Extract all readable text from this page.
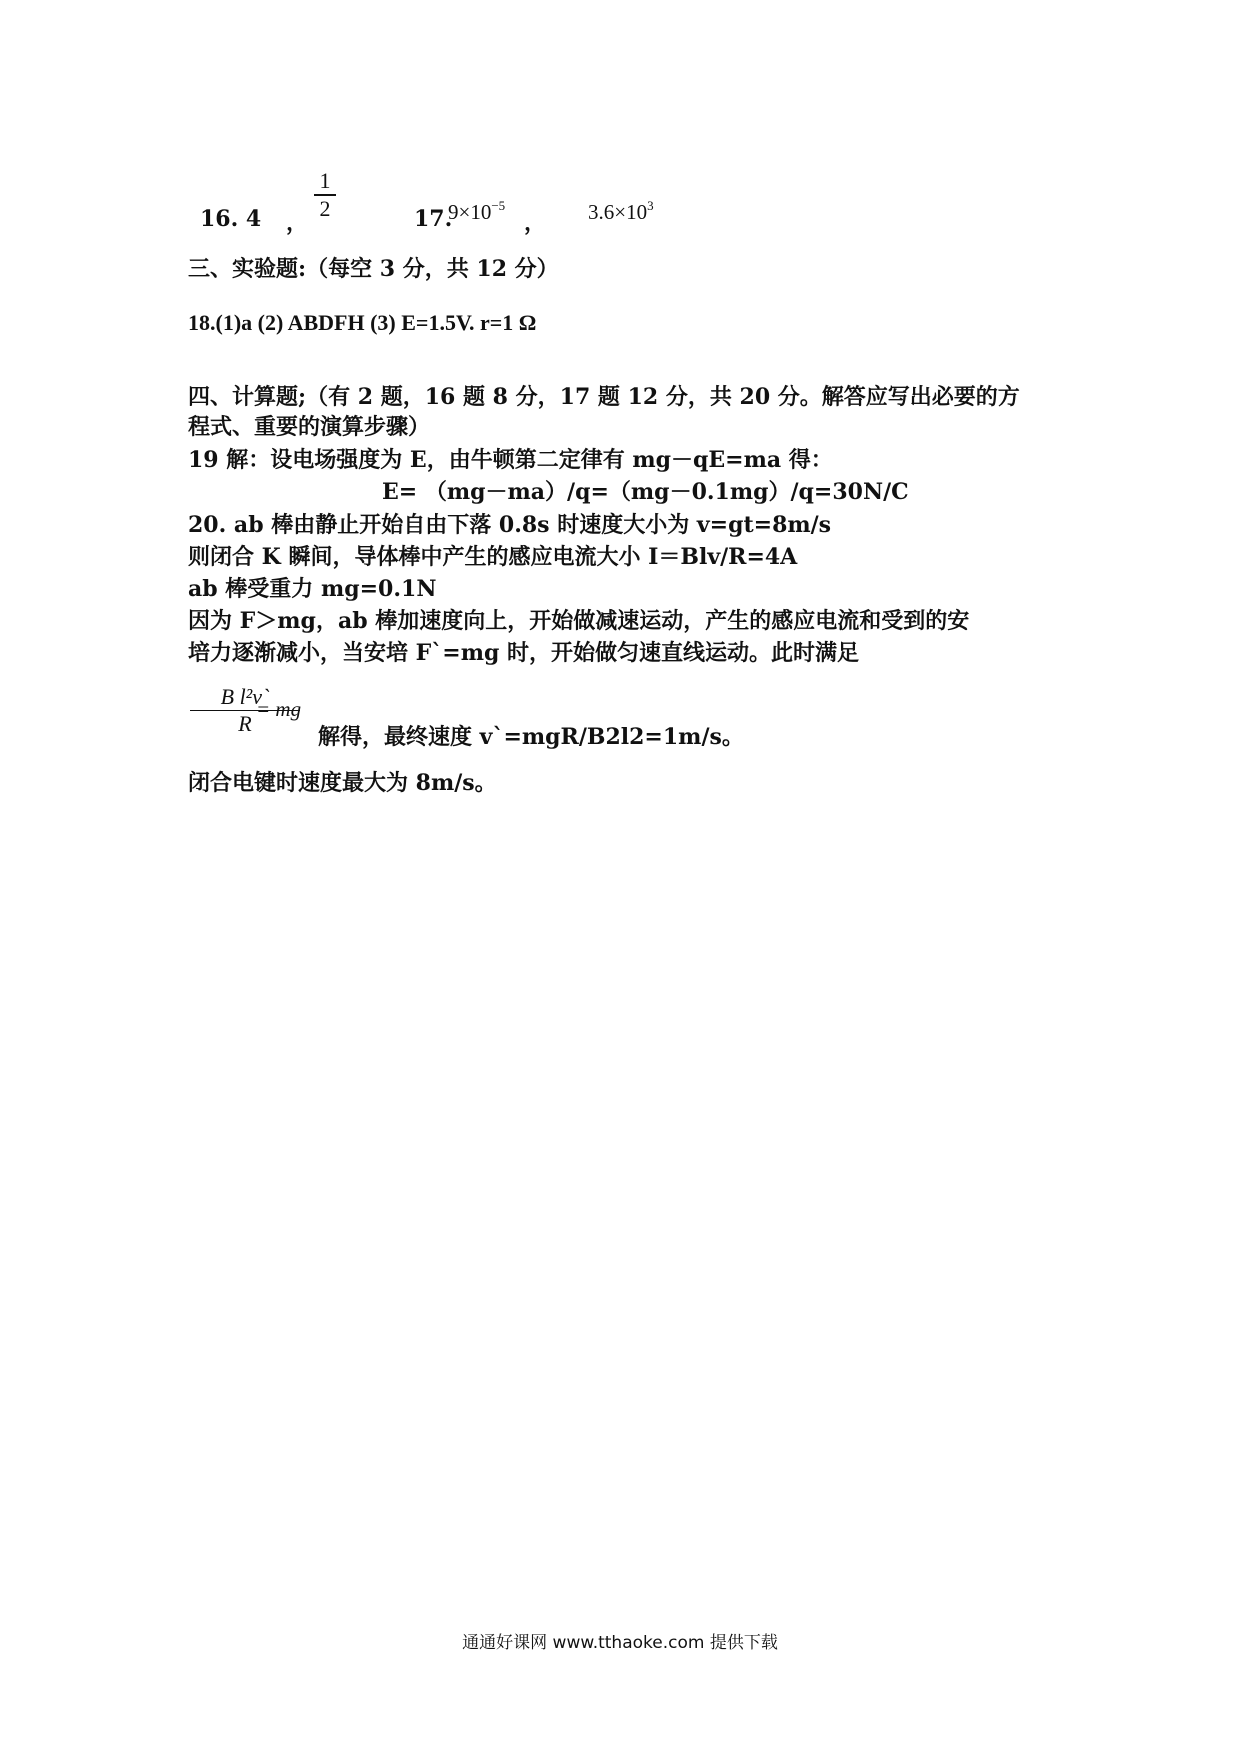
16. 4 ，
1
2	17.
$9\times 10^{-5}$
， $3.6\times 10^3$
三、实验题:（每空 3 分，共 12 分）
18.(1)a (2) ABDFH (3) E=1.5V. r=1 Ω
四、计算题;（有 2 题，16 题 8 分，17 题 12 分，共 20 分。解答应写出必要的方
程式、重要的演算步骤）
19 解：设电场强度为 E，由牛顿第二定律有 mg－qE=ma 得：
E= （mg－ma）/q=（mg－0.1mg）/q=30N/C
20. ab 棒由静止开始自由下落 0.8s 时速度大小为 v=gt=8m/s
则闭合 K 瞬间，导体棒中产生的感应电流大小 I＝Blv/R=4A
ab 棒受重力 mg=0.1N
因为 F＞mg，ab 棒加速度向上，开始做减速运动，产生的感应电流和受到的安
培力逐渐减小，当安培 F`=mg 时，开始做匀速直线运动。此时满足
B l²v`
R
= mg
解得，最终速度 v`=mgR/B2l2=1m/s。
闭合电键时速度最大为 8m/s。
通通好课网 www.tthaoke.com 提供下载
